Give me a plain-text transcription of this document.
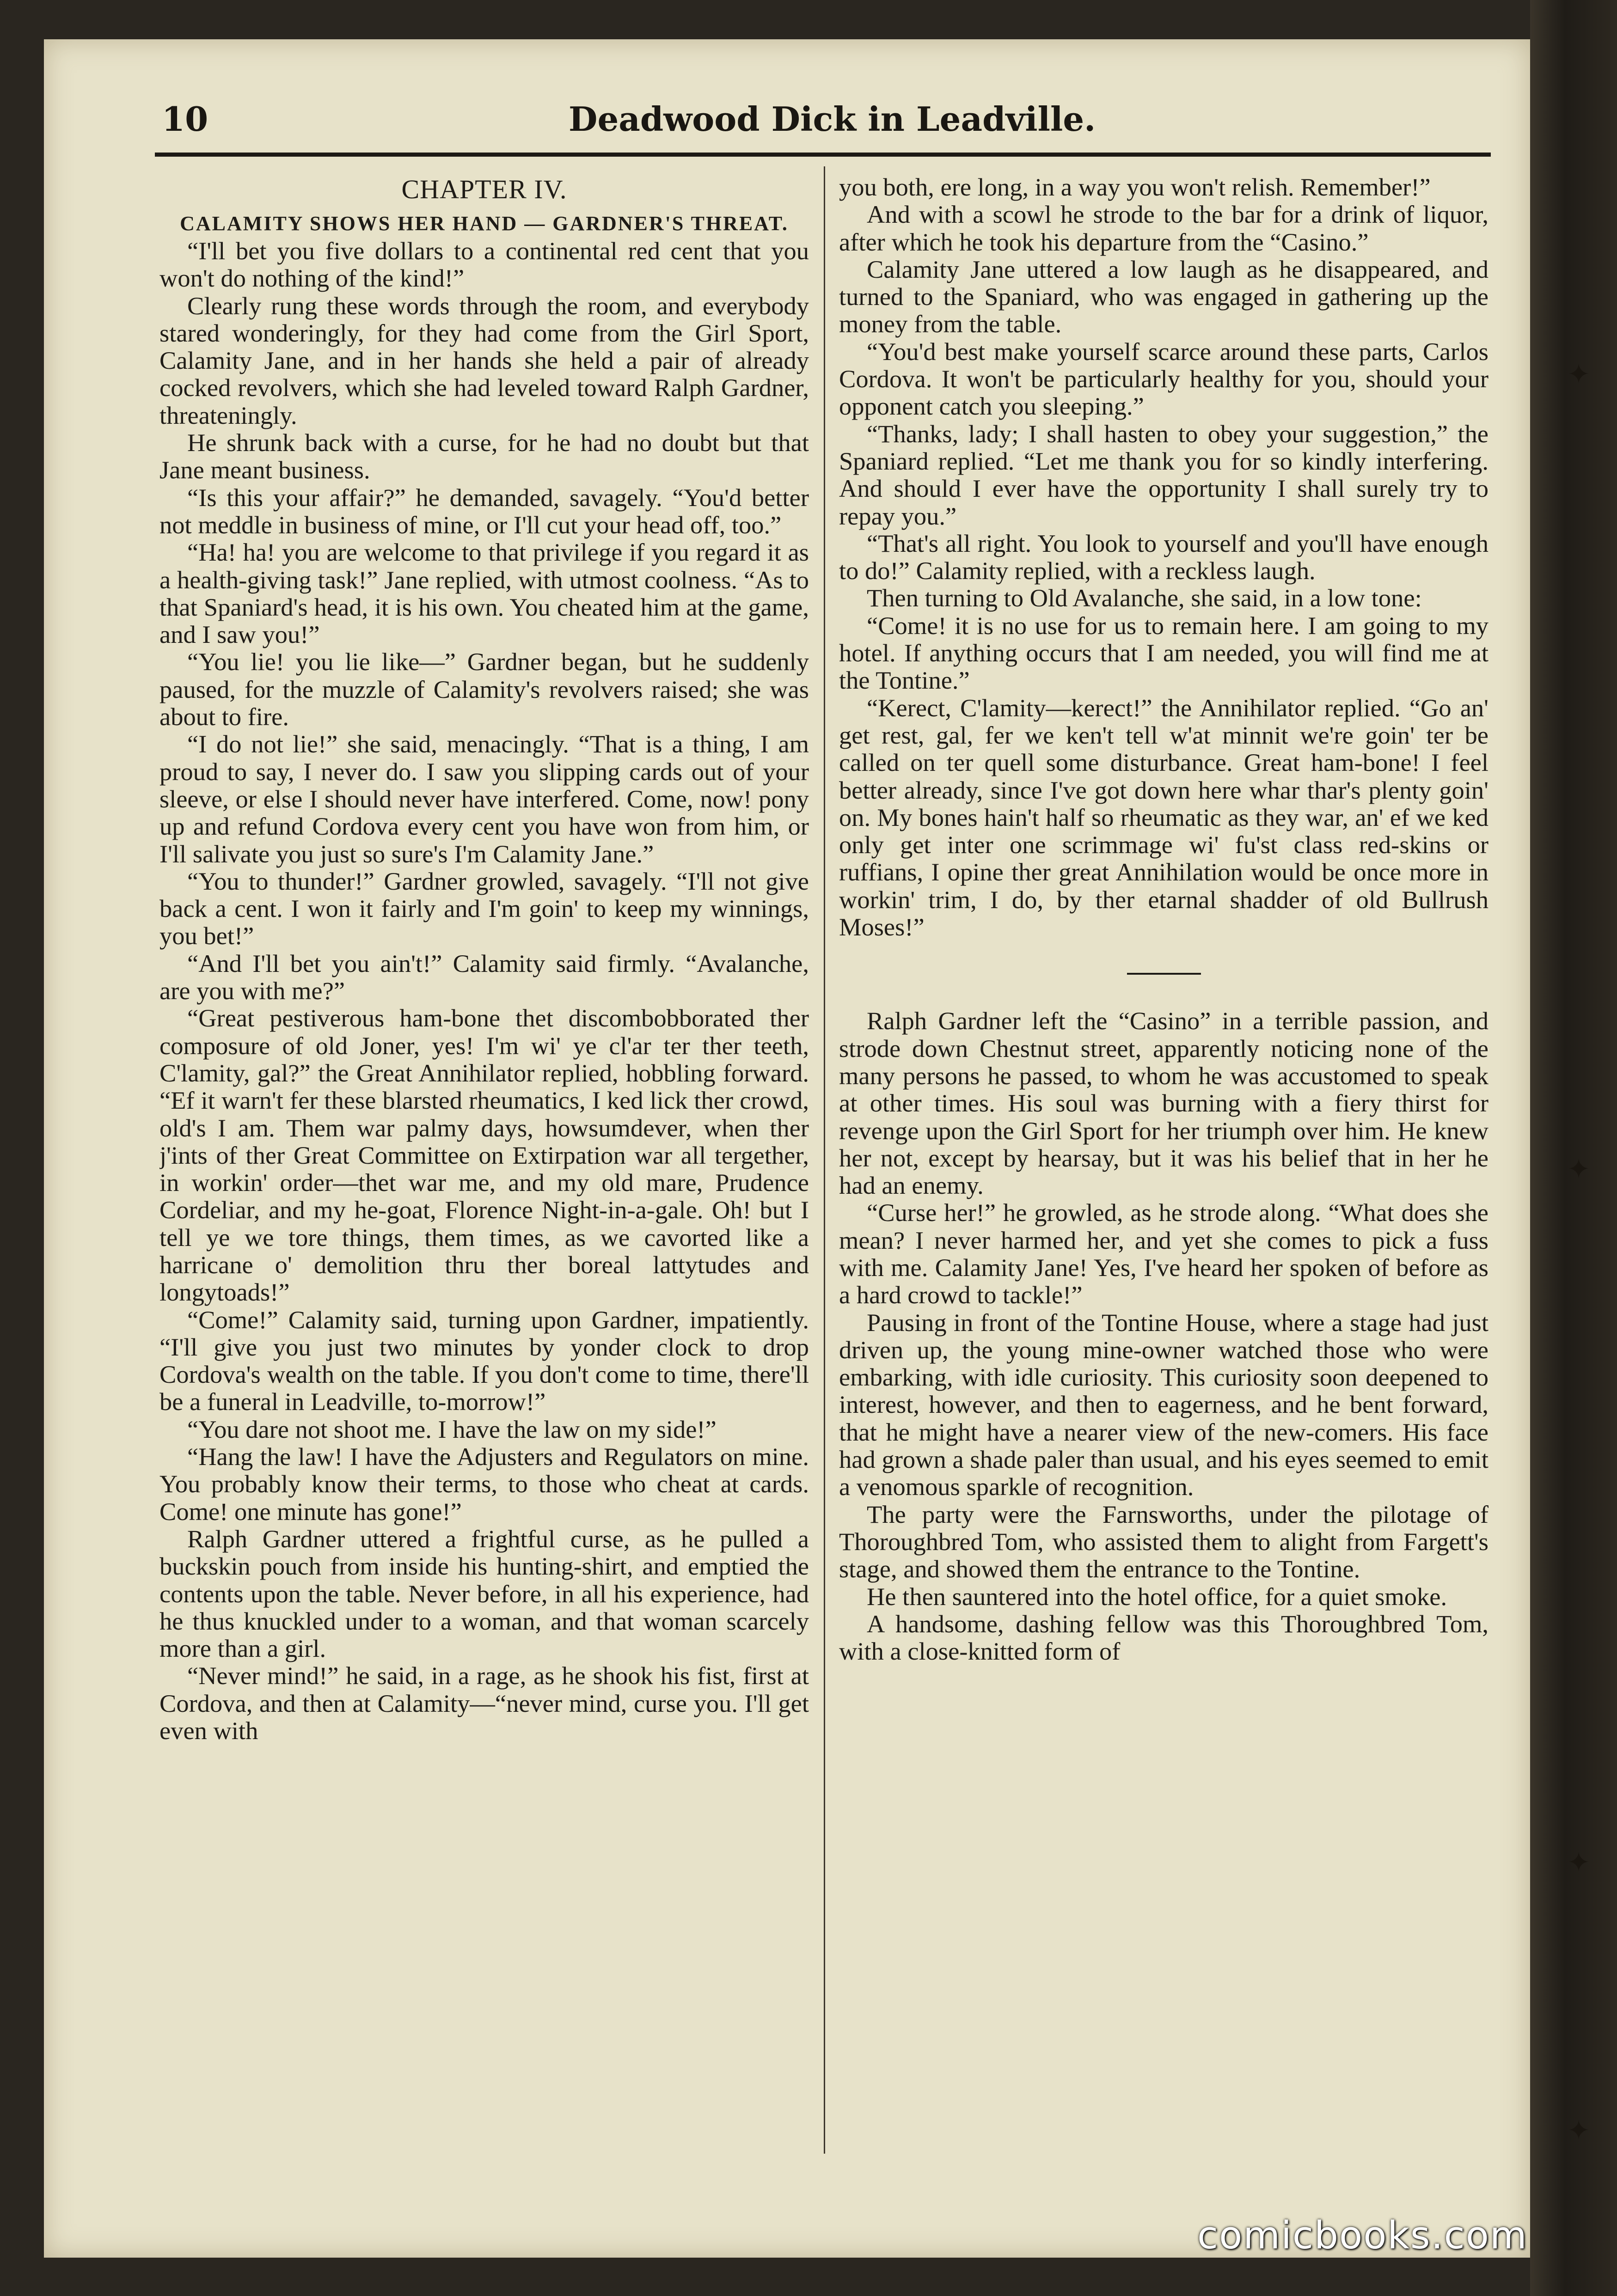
✦
✦
✦
✦
10	Deadwood Dick in Leadville.
CHAPTER IV.
CALAMITY SHOWS HER HAND — GARDNER'S THREAT.

“I'll bet you five dollars to a continental red cent that you won't do nothing of the kind!”

Clearly rung these words through the room, and everybody stared wonderingly, for they had come from the Girl Sport, Calamity Jane, and in her hands she held a pair of already cocked revolvers, which she had leveled toward Ralph Gardner, threateningly.

He shrunk back with a curse, for he had no doubt but that Jane meant business.

“Is this your affair?” he demanded, savagely. “You'd better not meddle in business of mine, or I'll cut your head off, too.”

“Ha! ha! you are welcome to that privilege if you regard it as a health-giving task!” Jane replied, with utmost coolness. “As to that Spaniard's head, it is his own. You cheated him at the game, and I saw you!”

“You lie! you lie like—” Gardner began, but he suddenly paused, for the muzzle of Calamity's revolvers raised; she was about to fire.

“I do not lie!” she said, menacingly. “That is a thing, I am proud to say, I never do. I saw you slipping cards out of your sleeve, or else I should never have interfered. Come, now! pony up and refund Cordova every cent you have won from him, or I'll salivate you just so sure's I'm Calamity Jane.”

“You to thunder!” Gardner growled, savagely. “I'll not give back a cent. I won it fairly and I'm goin' to keep my winnings, you bet!”

“And I'll bet you ain't!” Calamity said firmly. “Avalanche, are you with me?”

“Great pestiverous ham-bone thet discombobborated ther composure of old Joner, yes! I'm wi' ye cl'ar ter ther teeth, C'lamity, gal?” the Great Annihilator replied, hobbling forward. “Ef it warn't fer these blarsted rheumatics, I ked lick ther crowd, old's I am. Them war palmy days, howsumdever, when ther j'ints of ther Great Committee on Extirpation war all tergether, in workin' order—thet war me, and my old mare, Prudence Cordeliar, and my he-goat, Florence Night-in-a-gale. Oh! but I tell ye we tore things, them times, as we cavorted like a harricane o' demolition thru ther boreal lattytudes and longytoads!”

“Come!” Calamity said, turning upon Gardner, impatiently. “I'll give you just two minutes by yonder clock to drop Cordova's wealth on the table. If you don't come to time, there'll be a funeral in Leadville, to-morrow!”

“You dare not shoot me. I have the law on my side!”

“Hang the law! I have the Adjusters and Regulators on mine. You probably know their terms, to those who cheat at cards. Come! one minute has gone!”

Ralph Gardner uttered a frightful curse, as he pulled a buckskin pouch from inside his hunting-shirt, and emptied the contents upon the table. Never before, in all his experience, had he thus knuckled under to a woman, and that woman scarcely more than a girl.

“Never mind!” he said, in a rage, as he shook his fist, first at Cordova, and then at Calamity—“never mind, curse you. I'll get even with

you both, ere long, in a way you won't relish. Remember!”

And with a scowl he strode to the bar for a drink of liquor, after which he took his departure from the “Casino.”

Calamity Jane uttered a low laugh as he disappeared, and turned to the Spaniard, who was engaged in gathering up the money from the table.

“You'd best make yourself scarce around these parts, Carlos Cordova. It won't be particularly healthy for you, should your opponent catch you sleeping.”

“Thanks, lady; I shall hasten to obey your suggestion,” the Spaniard replied. “Let me thank you for so kindly interfering. And should I ever have the opportunity I shall surely try to repay you.”

“That's all right. You look to yourself and you'll have enough to do!” Calamity replied, with a reckless laugh.

Then turning to Old Avalanche, she said, in a low tone:

“Come! it is no use for us to remain here. I am going to my hotel. If anything occurs that I am needed, you will find me at the Tontine.”

“Kerect, C'lamity—kerect!” the Annihilator replied. “Go an' get rest, gal, fer we ken't tell w'at minnit we're goin' ter be called on ter quell some disturbance. Great ham-bone! I feel better already, since I've got down here whar thar's plenty goin' on. My bones hain't half so rheumatic as they war, an' ef we ked only get inter one scrimmage wi' fu'st class red-skins or ruffians, I opine ther great Annihilation would be once more in workin' trim, I do, by ther etarnal shadder of old Bullrush Moses!”

Ralph Gardner left the “Casino” in a terrible passion, and strode down Chestnut street, apparently noticing none of the many persons he passed, to whom he was accustomed to speak at other times. His soul was burning with a fiery thirst for revenge upon the Girl Sport for her triumph over him. He knew her not, except by hearsay, but it was his belief that in her he had an enemy.

“Curse her!” he growled, as he strode along. “What does she mean? I never harmed her, and yet she comes to pick a fuss with me. Calamity Jane! Yes, I've heard her spoken of before as a hard crowd to tackle!”

Pausing in front of the Tontine House, where a stage had just driven up, the young mine-owner watched those who were embarking, with idle curiosity. This curiosity soon deepened to interest, however, and then to eagerness, and he bent forward, that he might have a nearer view of the new-comers. His face had grown a shade paler than usual, and his eyes seemed to emit a venomous sparkle of recognition.

The party were the Farnsworths, under the pilotage of Thoroughbred Tom, who assisted them to alight from Fargett's stage, and showed them the entrance to the Tontine.

He then sauntered into the hotel office, for a quiet smoke.

A handsome, dashing fellow was this Thoroughbred Tom, with a close-knitted form of

comicbooks.com
